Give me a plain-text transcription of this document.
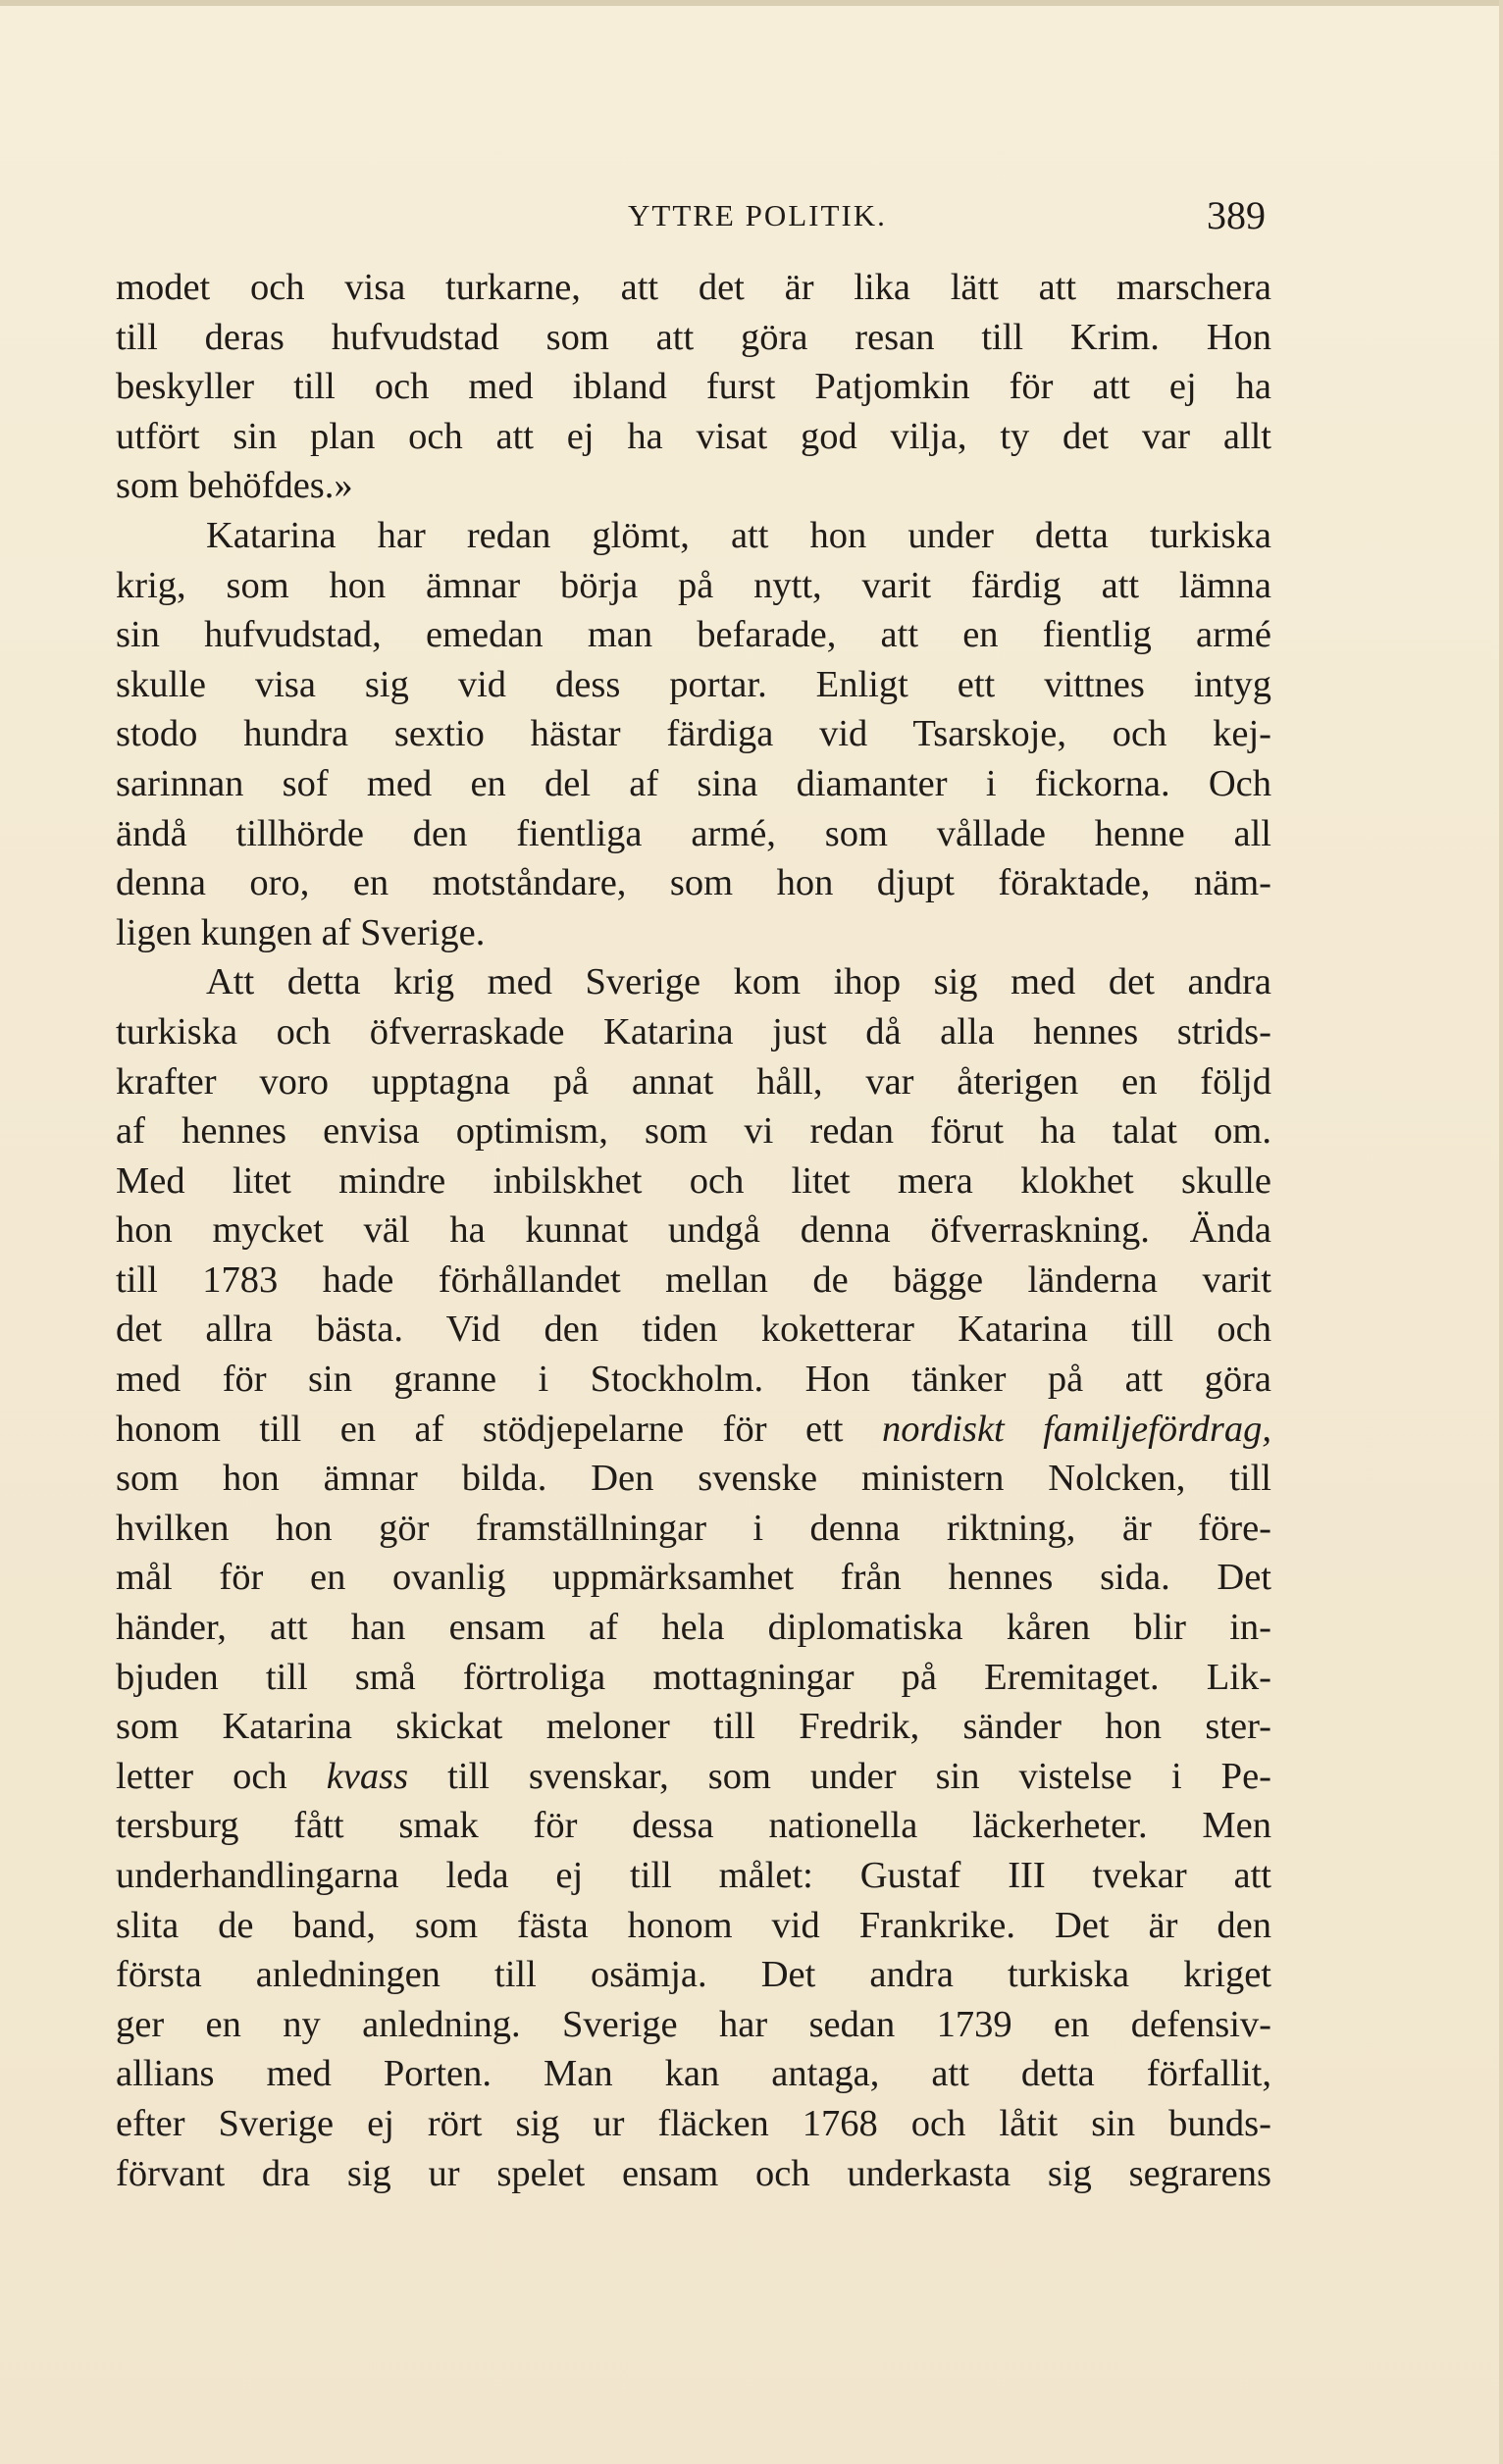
YTTRE POLITIK.	389
modet och visa turkarne, att det är lika lätt att marschera
till deras hufvudstad som att göra resan till Krim. Hon
beskyller till och med ibland furst Patjomkin för att ej ha
utfört sin plan och att ej ha visat god vilja, ty det var allt
som behöfdes.»
Katarina har redan glömt, att hon under detta turkiska
krig, som hon ämnar börja på nytt, varit färdig att lämna
sin hufvudstad, emedan man befarade, att en fientlig armé
skulle visa sig vid dess portar. Enligt ett vittnes intyg
stodo hundra sextio hästar färdiga vid Tsarskoje, och kej-
sarinnan sof med en del af sina diamanter i fickorna. Och
ändå tillhörde den fientliga armé, som vållade henne all
denna oro, en motståndare, som hon djupt föraktade, näm-
ligen kungen af Sverige.
Att detta krig med Sverige kom ihop sig med det andra
turkiska och öfverraskade Katarina just då alla hennes strids-
krafter voro upptagna på annat håll, var återigen en följd
af hennes envisa optimism, som vi redan förut ha talat om.
Med litet mindre inbilskhet och litet mera klokhet skulle
hon mycket väl ha kunnat undgå denna öfverraskning. Ända
till 1783 hade förhållandet mellan de bägge länderna varit
det allra bästa. Vid den tiden koketterar Katarina till och
med för sin granne i Stockholm. Hon tänker på att göra
honom till en af stödjepelarne för ett nordiskt familjefördrag,
som hon ämnar bilda. Den svenske ministern Nolcken, till
hvilken hon gör framställningar i denna riktning, är före-
mål för en ovanlig uppmärksamhet från hennes sida. Det
händer, att han ensam af hela diplomatiska kåren blir in-
bjuden till små förtroliga mottagningar på Eremitaget. Lik-
som Katarina skickat meloner till Fredrik, sänder hon ster-
letter och kvass till svenskar, som under sin vistelse i Pe-
tersburg fått smak för dessa nationella läckerheter. Men
underhandlingarna leda ej till målet: Gustaf III tvekar att
slita de band, som fästa honom vid Frankrike. Det är den
första anledningen till osämja. Det andra turkiska kriget
ger en ny anledning. Sverige har sedan 1739 en defensiv-
allians med Porten. Man kan antaga, att detta förfallit,
efter Sverige ej rört sig ur fläcken 1768 och låtit sin bunds-
förvant dra sig ur spelet ensam och underkasta sig segrarens
